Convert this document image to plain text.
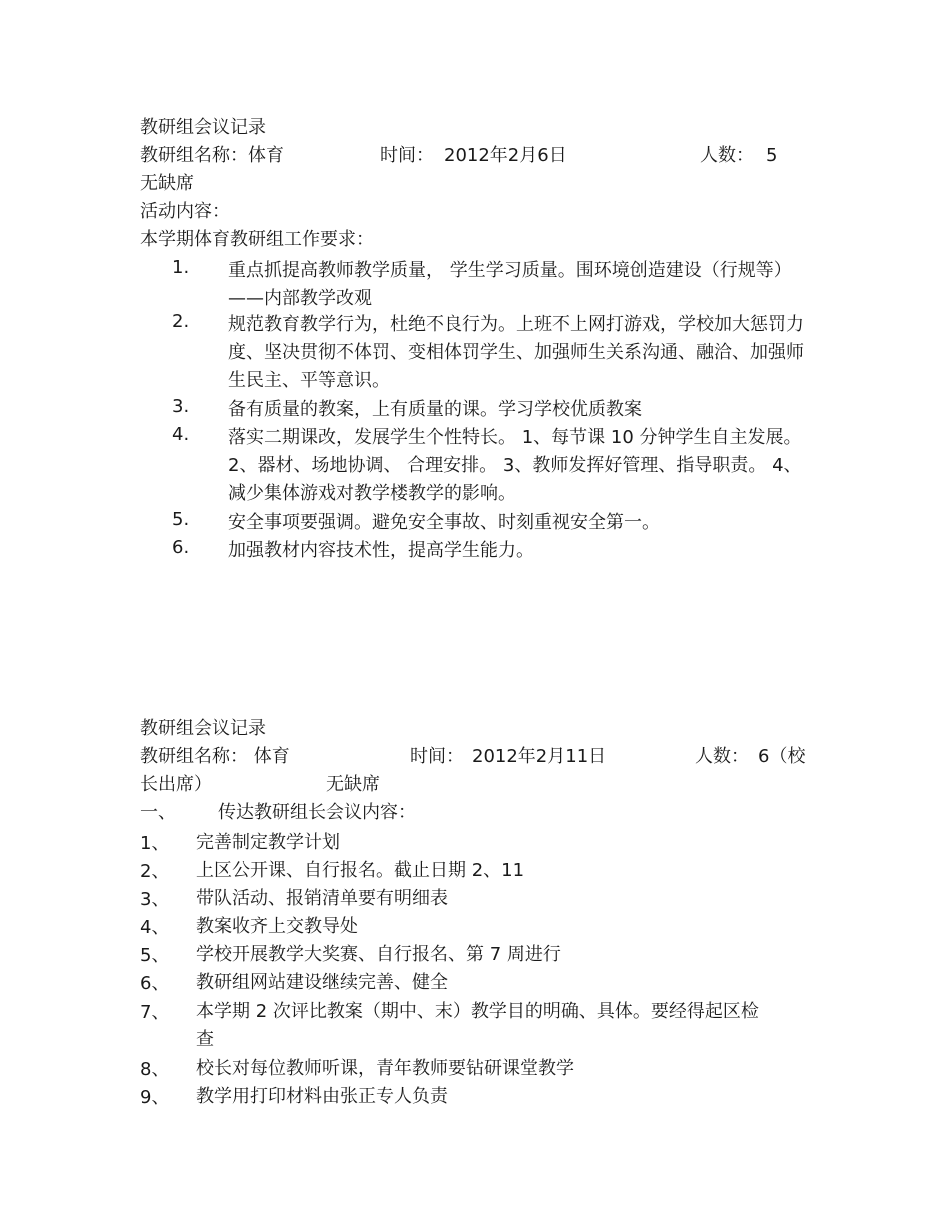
教研组会议记录
教研组名称：体育	时间： 2012年2月6日	人数： 5
无缺席
活动内容：
本学期体育教研组工作要求：
1.	重点抓提高教师教学质量， 学生学习质量。围环境创造建设（行规等）——内部教学改观
2.	规范教育教学行为，杜绝不良行为。上班不上网打游戏，学校加大惩罚力度、坚决贯彻不体罚、变相体罚学生、加强师生关系沟通、融洽、加强师生民主、平等意识。
3.	备有质量的教案，上有质量的课。学习学校优质教案
4.	落实二期课改，发展学生个性特长。 1、每节课 10 分钟学生自主发展。2、器材、场地协调、 合理安排。 3、教师发挥好管理、指导职责。 4、减少集体游戏对教学楼教学的影响。
5.	安全事项要强调。避免安全事故、时刻重视安全第一。
6.	加强教材内容技术性，提高学生能力。
教研组会议记录
教研组名称： 体育	时间： 2012年2月11日	人数： 6（校
长出席）	无缺席
一、 传达教研组长会议内容：
1、	完善制定教学计划
2、	上区公开课、自行报名。截止日期 2、11
3、	带队活动、报销清单要有明细表
4、	教案收齐上交教导处
5、	学校开展教学大奖赛、自行报名、第 7 周进行
6、	教研组网站建设继续完善、健全
7、	本学期 2 次评比教案（期中、末）教学目的明确、具体。要经得起区检查
8、	校长对每位教师听课，青年教师要钻研课堂教学
9、	教学用打印材料由张正专人负责
